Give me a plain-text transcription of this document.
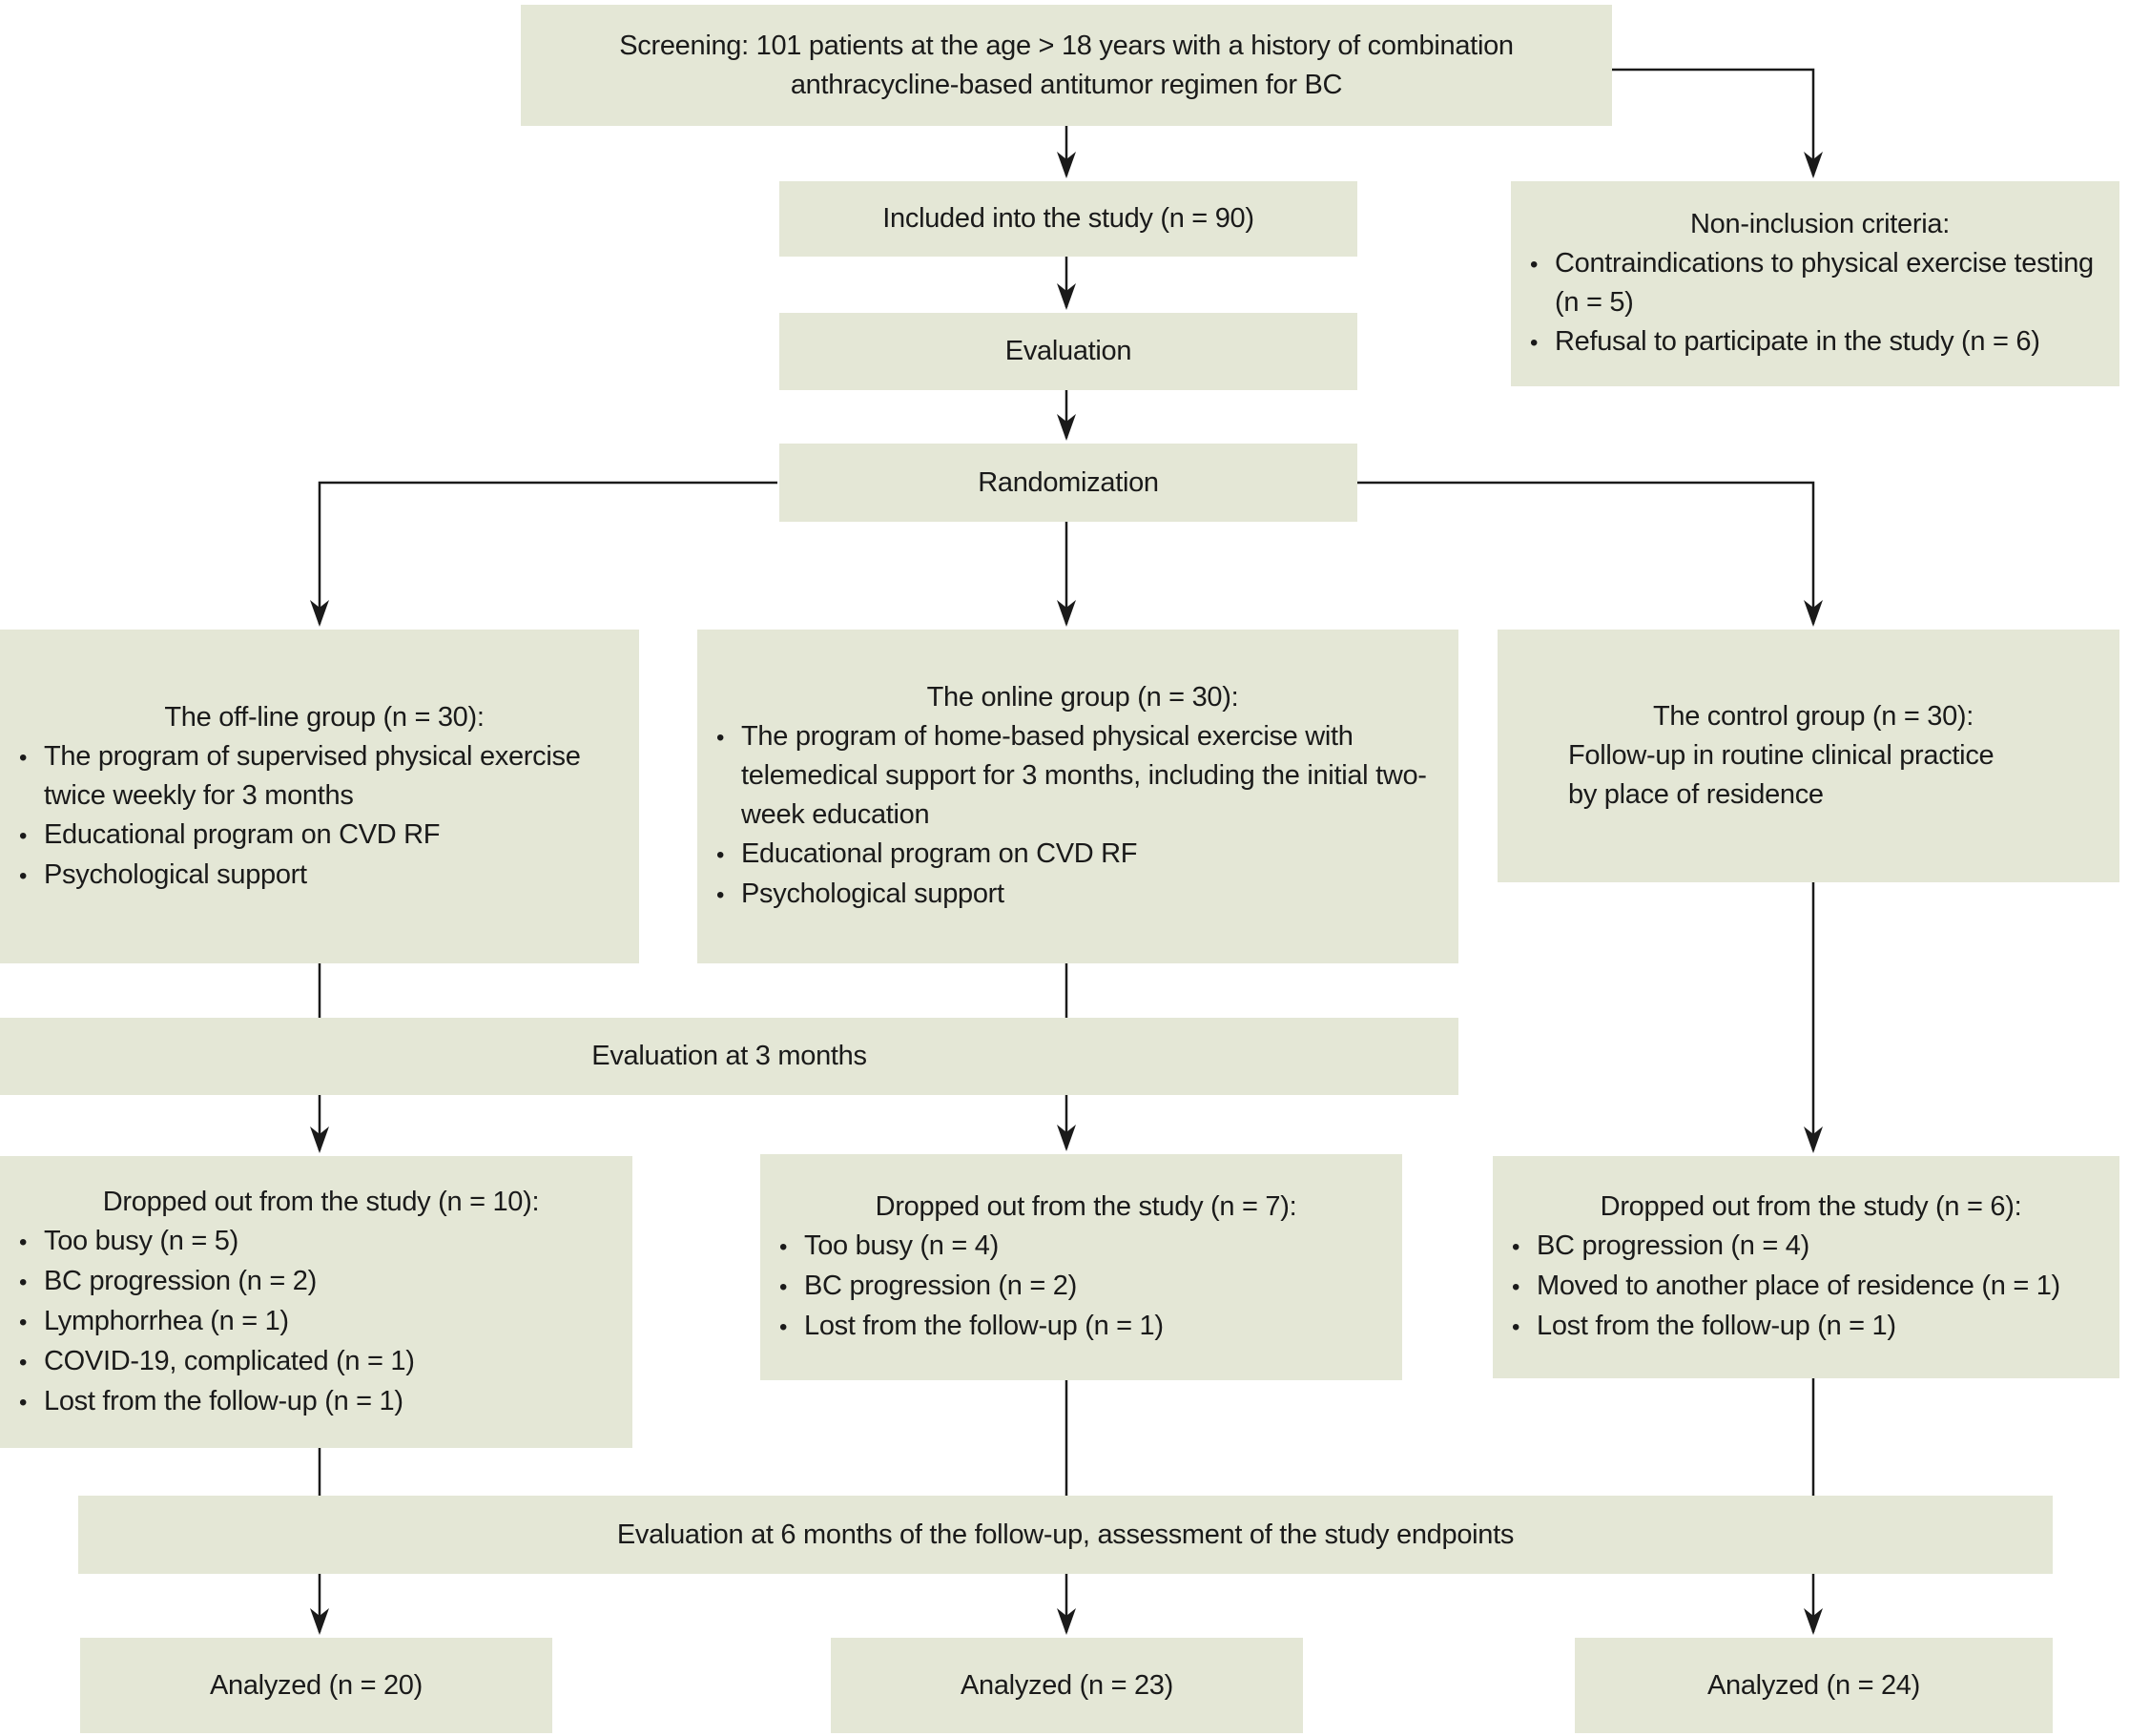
Screening: 101 patients at the age > 18 years with a history of combination anthracycline-based antitumor regimen for BC
Included into the study (n = 90)	Non-inclusion criteria:
•
Contraindications to physical exercise testing (n = 5)
•
Refusal to participate in the study (n = 6)
Evaluation
Randomization
The off-line group (n = 30):
•
The program of supervised physical exercise twice weekly for 3 months
•
Educational program on CVD RF
•
Psychological support
The online group (n = 30):
•
The program of home-based physical exercise with telemedical support for 3 months, including the initial two-week education
•
Educational program on CVD RF
•
Psychological support
The control group (n = 30):
Follow-up in routine clinical practice
by place of residence
Evaluation at 3 months
Dropped out from the study (n = 10):
•
Too busy (n = 5)
•
BC progression (n = 2)
•
Lymphorrhea (n = 1)
•
COVID-19, complicated (n = 1)
•
Lost from the follow-up (n = 1)
Dropped out from the study (n = 7):
•
Too busy (n = 4)
•
BC progression (n = 2)
•
Lost from the follow-up (n = 1)
Dropped out from the study (n = 6):
•
BC progression (n = 4)
•
Moved to another place of residence (n = 1)
•
Lost from the follow-up (n = 1)
Evaluation at 6 months of the follow-up, assessment of the study endpoints
Analyzed (n = 20)	Analyzed (n = 23)	Analyzed (n = 24)
